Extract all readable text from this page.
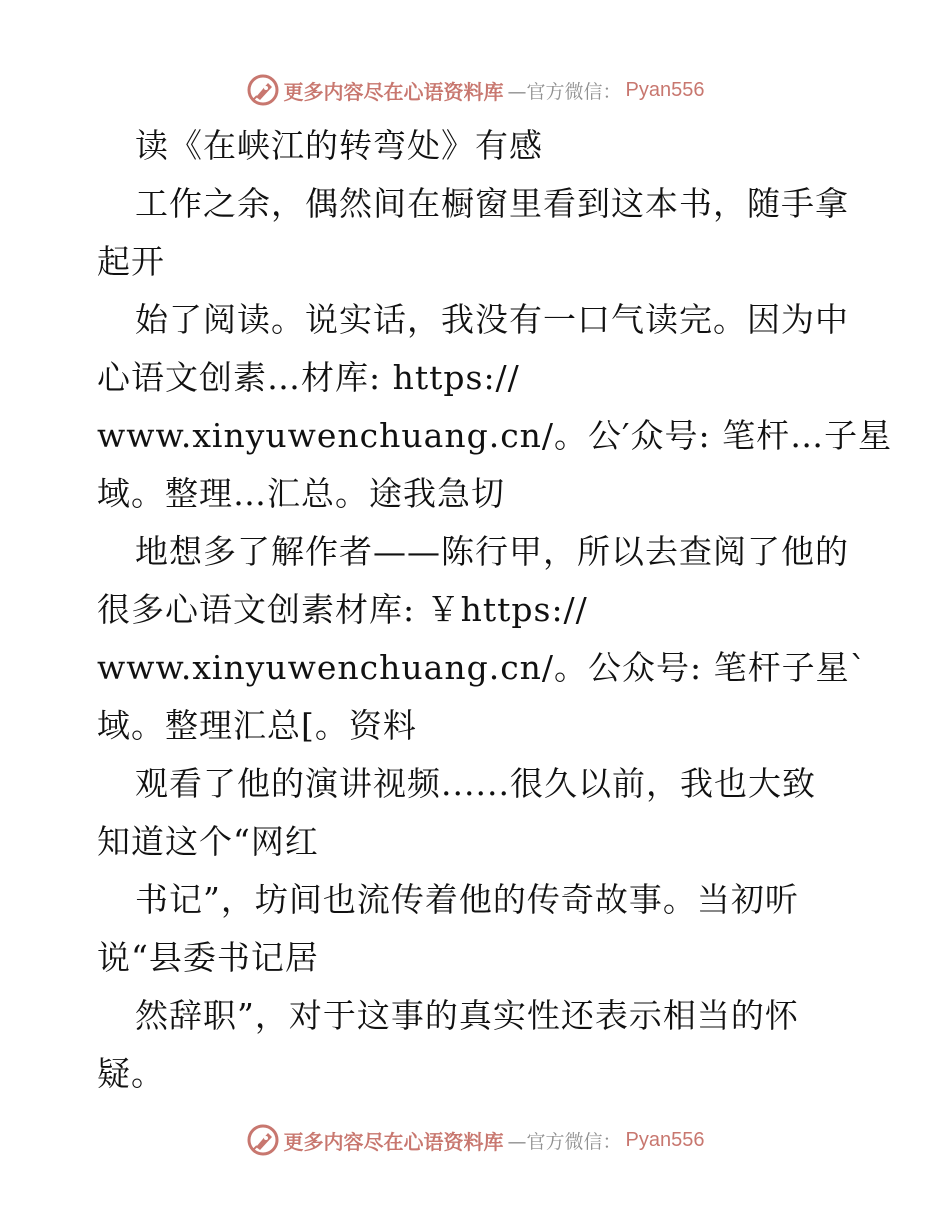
更多内容尽在心语资料库 —官方微信： Pyan556
读《在峡江的转弯处》有感
工作之余，偶然间在橱窗里看到这本书，随手拿
起开
始了阅读。说实话，我没有一口气读完。因为中
心语文创素…材库: https://
www.xinyuwenchuang.cn/。公′众号: 笔杆…子星
域。整理…汇总。途我急切
地想多了解作者——陈行甲，所以去查阅了他的
很多心语文创素材库: ￥https://
www.xinyuwenchuang.cn/。公众号: 笔杆子星`
域。整理汇总[。资料
观看了他的演讲视频......很久以前，我也大致
知道这个“网红
书记”，坊间也流传着他的传奇故事。当初听
说“县委书记居
然辞职”，对于这事的真实性还表示相当的怀
疑。
更多内容尽在心语资料库 —官方微信： Pyan556
